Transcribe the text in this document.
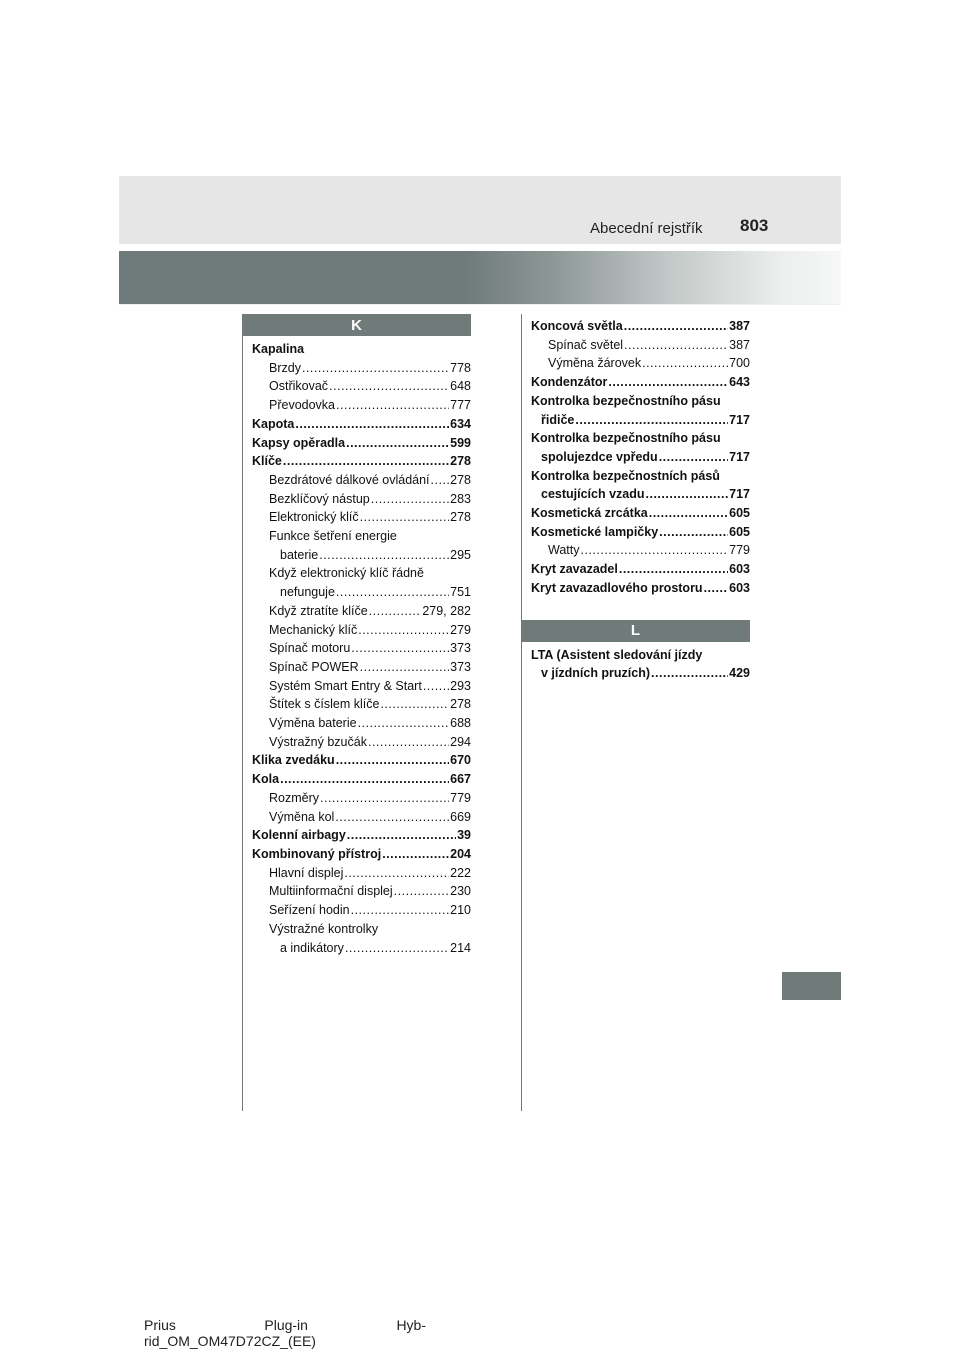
Abecední rejstřík 803
K
Kapalina
Brzdy .....	778
Ostřikovač .....	648
Převodovka .....	777
Kapota .....	634
Kapsy opěradla .....	599
Klíče .....	278
Bezdrátové dálkové ovládání ..... 278
Bezklíčový nástup .....	283
Elektronický klíč .....	278
Funkce šetření energie
baterie .....	295
Když elektronický klíč řádně
nefunguje .....	751
Když ztratíte klíče .....	279, 282
Mechanický klíč .....	279
Spínač motoru .....	373
Spínač POWER .....	373
Systém Smart Entry & Start ..... 293
Štítek s číslem klíče .....	278
Výměna baterie .....	688
Výstražný bzučák .....	294
Klika zvedáku .....	670
Kola .....	667
Rozměry .....	779
Výměna kol .....	669
Kolenní airbagy .....	39
Kombinovaný přístroj .....	204
Hlavní displej .....	222
Multiinformační displej .....	230
Seřízení hodin .....	210
Výstražné kontrolky
a indikátory .....	214
Koncová světla .....	387
Spínač světel .....	387
Výměna žárovek .....	700
Kondenzátor .....	643
Kontrolka bezpečnostního pásu
řidiče .....	717
Kontrolka bezpečnostního pásu
spolujezdce vpředu .....	717
Kontrolka bezpečnostních pásů
cestujících vzadu .....	717
Kosmetická zrcátka .....	605
Kosmetické lampičky .....	605
Watty .....	779
Kryt zavazadel .....	603
Kryt zavazadlového prostoru ..... 603
L
LTA (Asistent sledování jízdy
v jízdních pruzích) .....	429
Prius	Plug-in	Hyb-
rid_OM_OM47D72CZ_(EE)
